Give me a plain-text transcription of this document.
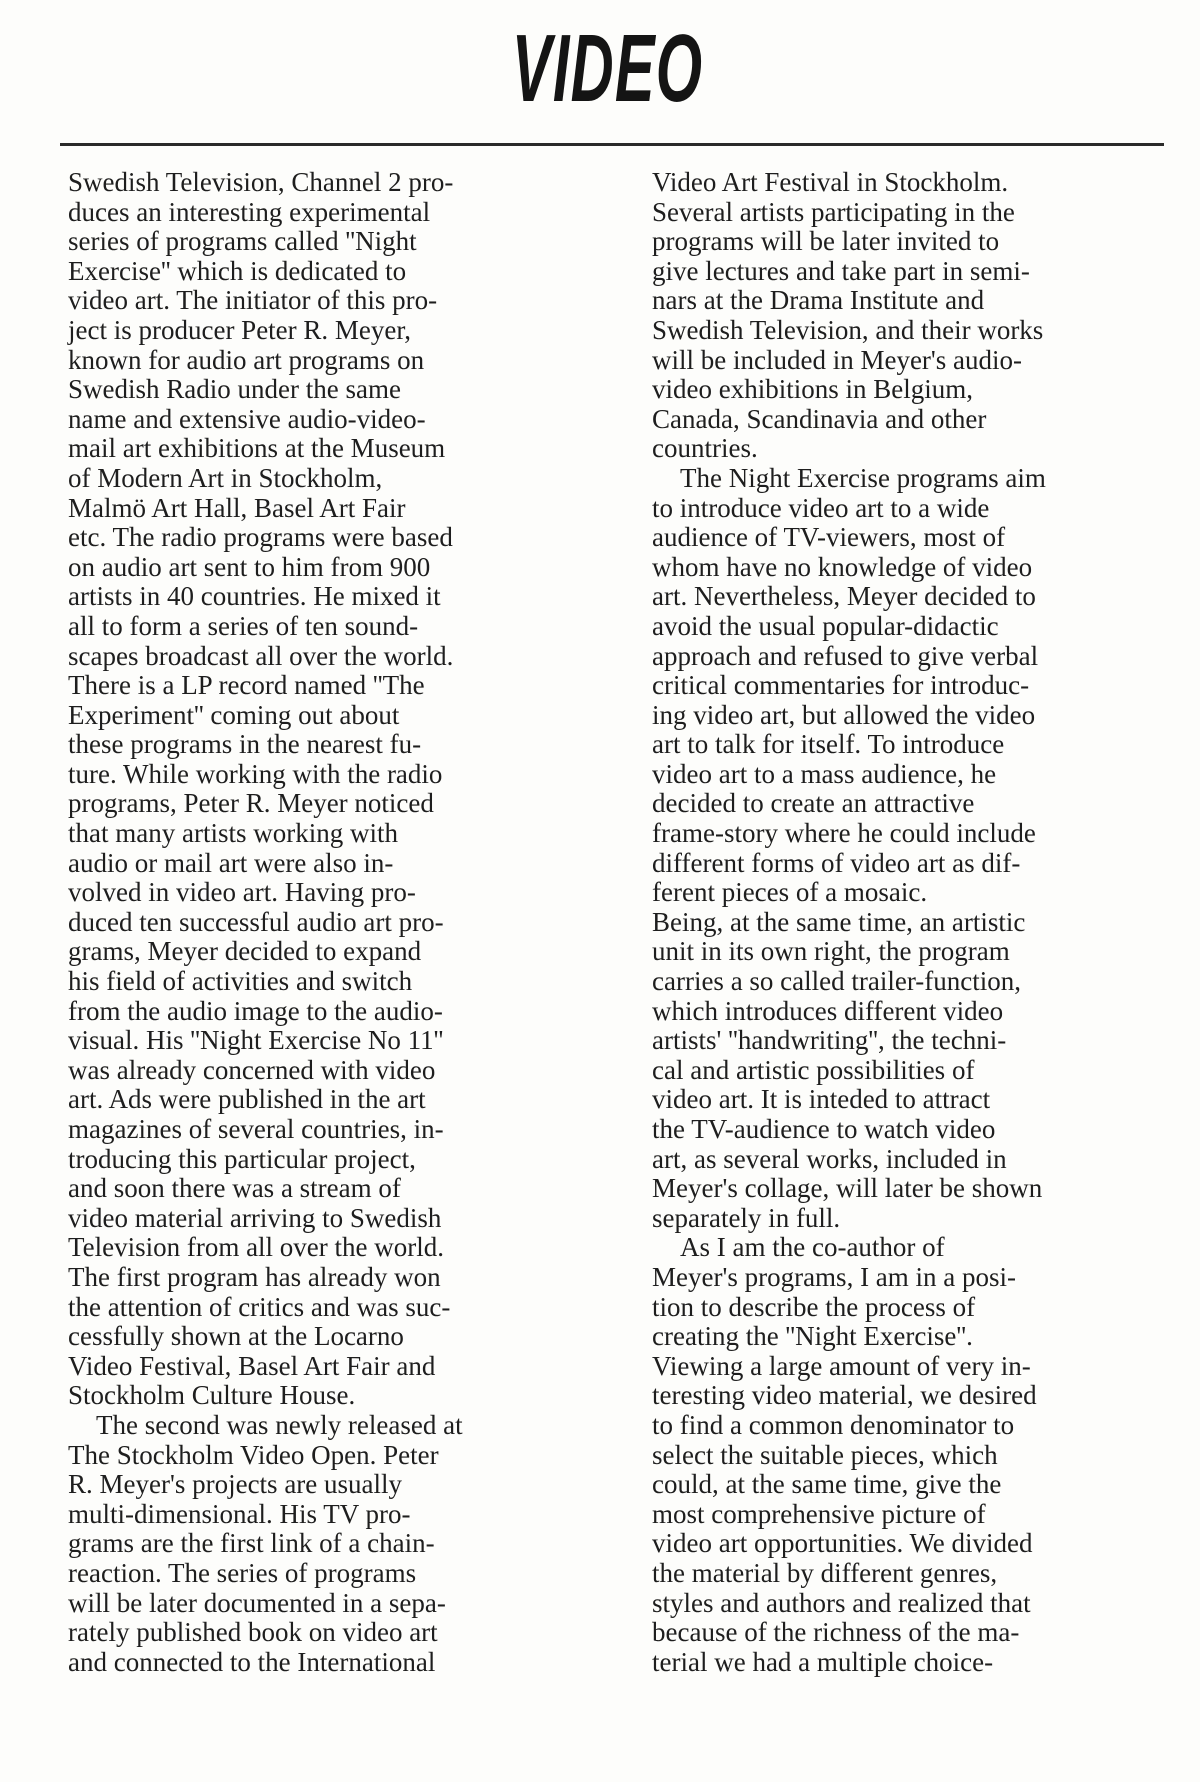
VIDEO
Swedish Television, Channel 2 pro-
duces an interesting experimental
series of programs called ''Night
Exercise'' which is dedicated to
video art. The initiator of this pro-
ject is producer Peter R. Meyer,
known for audio art programs on
Swedish Radio under the same
name and extensive audio-video-
mail art exhibitions at the Museum
of Modern Art in Stockholm,
Malmö Art Hall, Basel Art Fair
etc. The radio programs were based
on audio art sent to him from 900
artists in 40 countries. He mixed it
all to form a series of ten sound-
scapes broadcast all over the world.
There is a LP record named ''The
Experiment'' coming out about
these programs in the nearest fu-
ture. While working with the radio
programs, Peter R. Meyer noticed
that many artists working with
audio or mail art were also in-
volved in video art. Having pro-
duced ten successful audio art pro-
grams, Meyer decided to expand
his field of activities and switch
from the audio image to the audio-
visual. His ''Night Exercise No 11''
was already concerned with video
art. Ads were published in the art
magazines of several countries, in-
troducing this particular project,
and soon there was a stream of
video material arriving to Swedish
Television from all over the world.
The first program has already won
the attention of critics and was suc-
cessfully shown at the Locarno
Video Festival, Basel Art Fair and
Stockholm Culture House.
The second was newly released at
The Stockholm Video Open. Peter
R. Meyer's projects are usually
multi-dimensional. His TV pro-
grams are the first link of a chain-
reaction. The series of programs
will be later documented in a sepa-
rately published book on video art
and connected to the International
Video Art Festival in Stockholm.
Several artists participating in the
programs will be later invited to
give lectures and take part in semi-
nars at the Drama Institute and
Swedish Television, and their works
will be included in Meyer's audio-
video exhibitions in Belgium,
Canada, Scandinavia and other
countries.
The Night Exercise programs aim
to introduce video art to a wide
audience of TV-viewers, most of
whom have no knowledge of video
art. Nevertheless, Meyer decided to
avoid the usual popular-didactic
approach and refused to give verbal
critical commentaries for introduc-
ing video art, but allowed the video
art to talk for itself. To introduce
video art to a mass audience, he
decided to create an attractive
frame-story where he could include
different forms of video art as dif-
ferent pieces of a mosaic.
Being, at the same time, an artistic
unit in its own right, the program
carries a so called trailer-function,
which introduces different video
artists' ''handwriting'', the techni-
cal and artistic possibilities of
video art. It is inteded to attract
the TV-audience to watch video
art, as several works, included in
Meyer's collage, will later be shown
separately in full.
As I am the co-author of
Meyer's programs, I am in a posi-
tion to describe the process of
creating the ''Night Exercise''.
Viewing a large amount of very in-
teresting video material, we desired
to find a common denominator to
select the suitable pieces, which
could, at the same time, give the
most comprehensive picture of
video art opportunities. We divided
the material by different genres,
styles and authors and realized that
because of the richness of the ma-
terial we had a multiple choice-
